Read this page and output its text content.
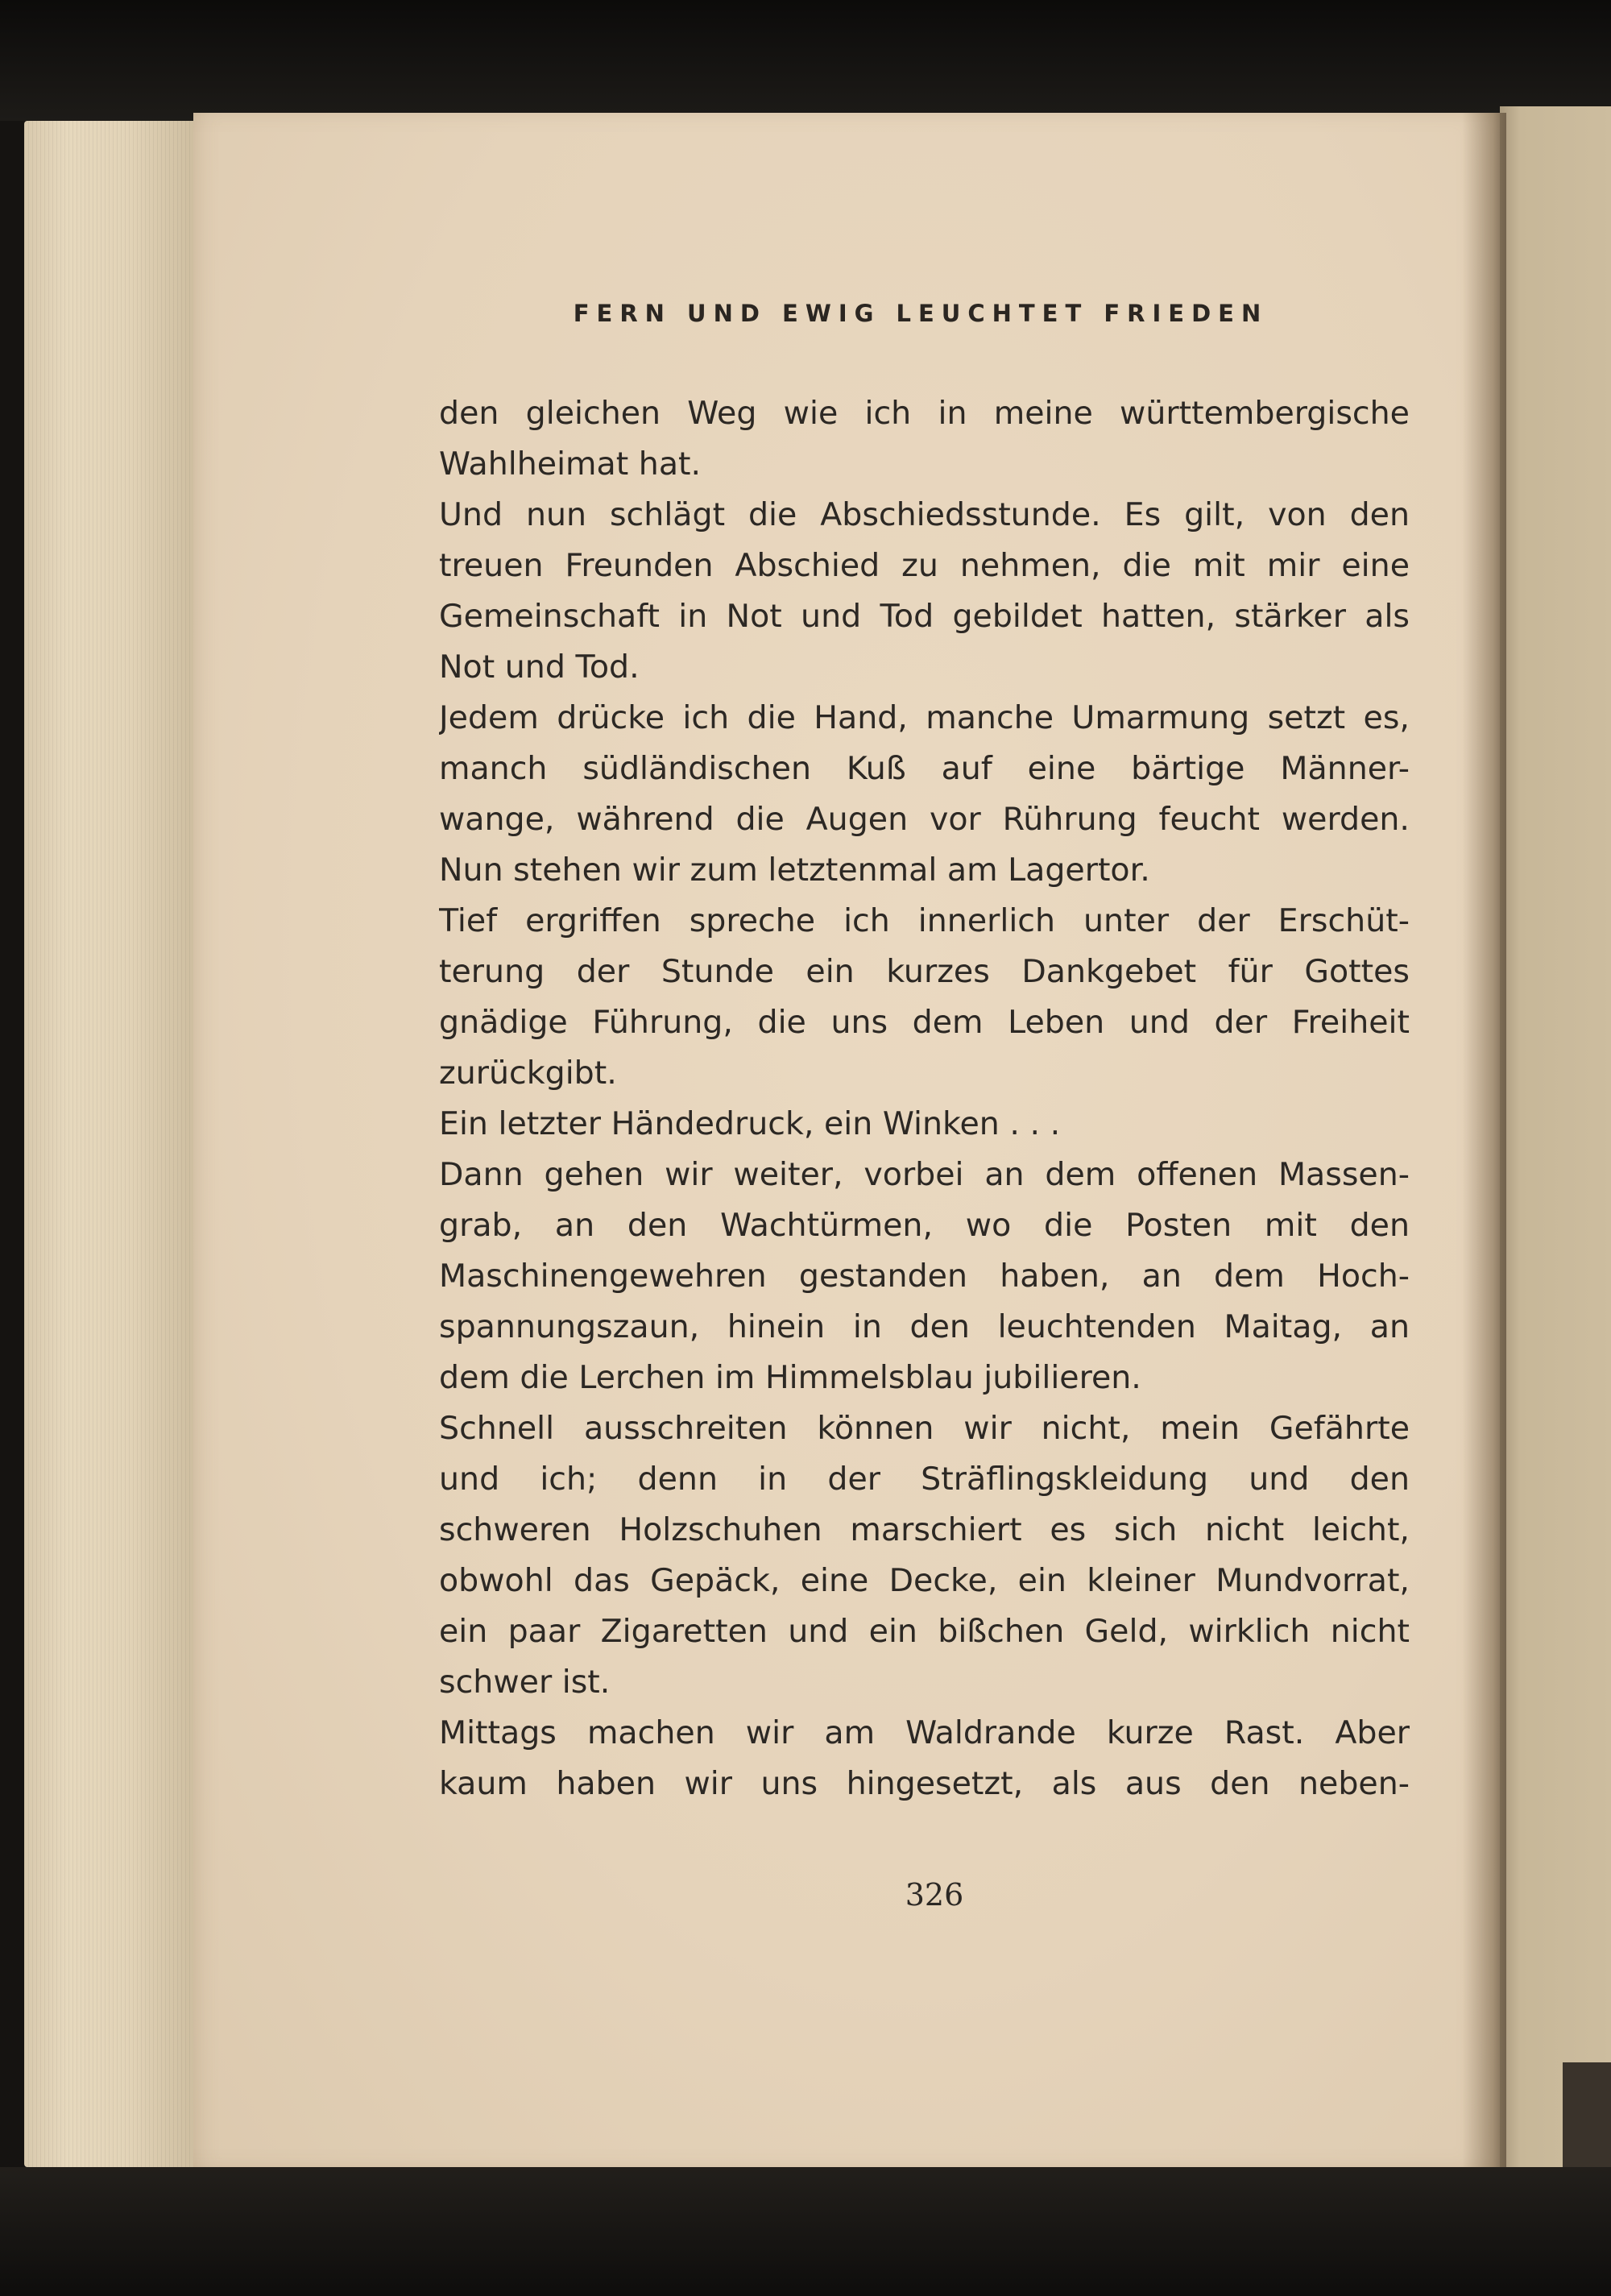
FERN UND EWIG LEUCHTET FRIEDEN
den gleichen Weg wie ich in meine württembergische
Wahlheimat hat.
Und nun schlägt die Abschiedsstunde. Es gilt, von den
treuen Freunden Abschied zu nehmen, die mit mir eine
Gemeinschaft in Not und Tod gebildet hatten, stärker als
Not und Tod.
Jedem drücke ich die Hand, manche Umarmung setzt es,
manch südländischen Kuß auf eine bärtige Männer-
wange, während die Augen vor Rührung feucht werden.
Nun stehen wir zum letztenmal am Lagertor.
Tief ergriffen spreche ich innerlich unter der Erschüt-
terung der Stunde ein kurzes Dankgebet für Gottes
gnädige Führung, die uns dem Leben und der Freiheit
zurückgibt.
Ein letzter Händedruck, ein Winken . . .
Dann gehen wir weiter, vorbei an dem offenen Massen-
grab, an den Wachtürmen, wo die Posten mit den
Maschinengewehren gestanden haben, an dem Hoch-
spannungszaun, hinein in den leuchtenden Maitag, an
dem die Lerchen im Himmelsblau jubilieren.
Schnell ausschreiten können wir nicht, mein Gefährte
und ich; denn in der Sträflingskleidung und den
schweren Holzschuhen marschiert es sich nicht leicht,
obwohl das Gepäck, eine Decke, ein kleiner Mundvorrat,
ein paar Zigaretten und ein bißchen Geld, wirklich nicht
schwer ist.
Mittags machen wir am Waldrande kurze Rast. Aber
kaum haben wir uns hingesetzt, als aus den neben-
326
